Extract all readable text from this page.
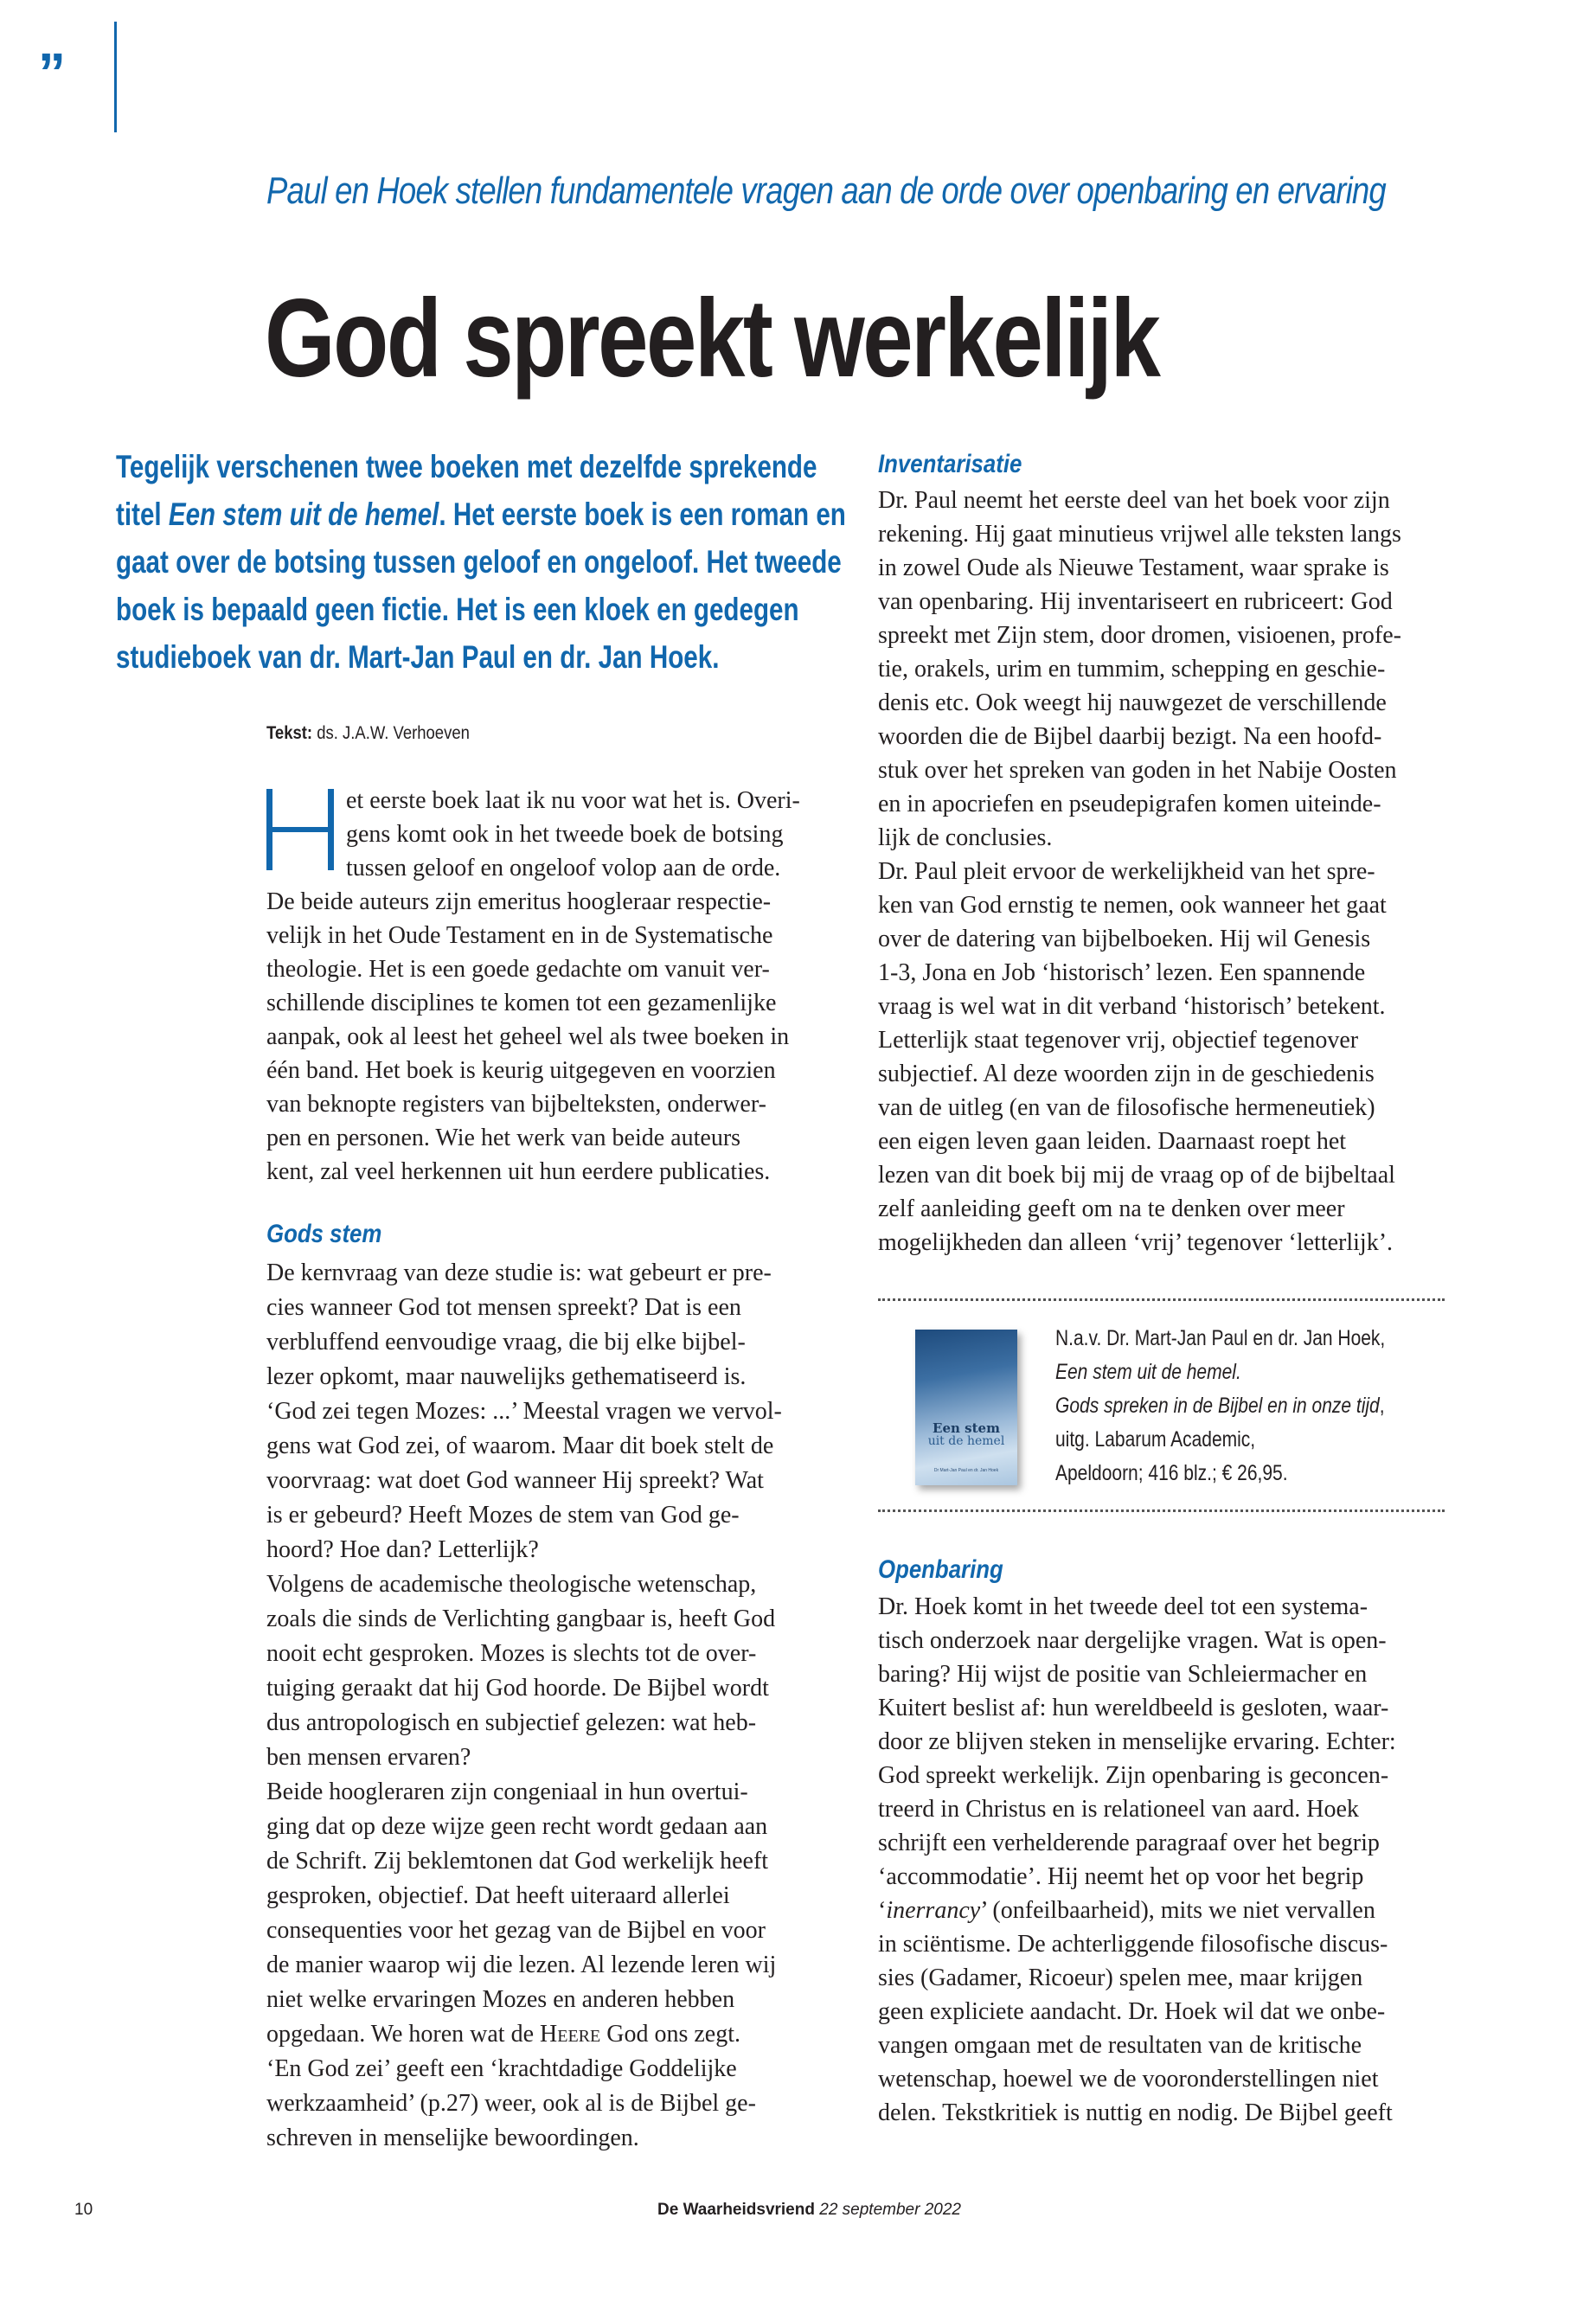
”
Paul en Hoek stellen fundamentele vragen aan de orde over openbaring en ervaring
God spreekt werkelijk
Tegelijk verschenen twee boeken met dezelfde sprekende
titel Een stem uit de hemel. Het eerste boek is een roman en
gaat over de botsing tussen geloof en ongeloof. Het tweede
boek is bepaald geen fictie. Het is een kloek en gedegen
studieboek van dr. Mart-Jan Paul en dr. Jan Hoek.
Tekst: ds. J.A.W. Verhoeven
et eerste boek laat ik nu voor wat het is. Overi-
gens komt ook in het tweede boek de botsing
tussen geloof en ongeloof volop aan de orde.
De beide auteurs zijn emeritus hoogleraar respectie-
velijk in het Oude Testament en in de Systematische
theologie. Het is een goede gedachte om vanuit ver-
schillende disciplines te komen tot een gezamenlijke
aanpak, ook al leest het geheel wel als twee boeken in
één band. Het boek is keurig uitgegeven en voorzien
van beknopte registers van bijbelteksten, onderwer-
pen en personen. Wie het werk van beide auteurs
kent, zal veel herkennen uit hun eerdere publicaties.
Gods stem
De kernvraag van deze studie is: wat gebeurt er pre-
cies wanneer God tot mensen spreekt? Dat is een
verbluffend eenvoudige vraag, die bij elke bijbel-
lezer opkomt, maar nauwelijks gethematiseerd is.
‘God zei tegen Mozes: ...’ Meestal vragen we vervol-
gens wat God zei, of waarom. Maar dit boek stelt de
voorvraag: wat doet God wanneer Hij spreekt? Wat
is er gebeurd? Heeft Mozes de stem van God ge-
hoord? Hoe dan? Letterlijk?
Volgens de academische theologische wetenschap,
zoals die sinds de Verlichting gangbaar is, heeft God
nooit echt gesproken. Mozes is slechts tot de over-
tuiging geraakt dat hij God hoorde. De Bijbel wordt
dus antropologisch en subjectief gelezen: wat heb-
ben mensen ervaren?
Beide hoogleraren zijn congeniaal in hun overtui-
ging dat op deze wijze geen recht wordt gedaan aan
de Schrift. Zij beklemtonen dat God werkelijk heeft
gesproken, objectief. Dat heeft uiteraard allerlei
consequenties voor het gezag van de Bijbel en voor
de manier waarop wij die lezen. Al lezende leren wij
niet welke ervaringen Mozes en anderen hebben
opgedaan. We horen wat de Heere God ons zegt.
‘En God zei’ geeft een ‘krachtdadige Goddelijke
werkzaamheid’ (p.27) weer, ook al is de Bijbel ge-
schreven in menselijke bewoordingen.
Inventarisatie
Dr. Paul neemt het eerste deel van het boek voor zijn
rekening. Hij gaat minutieus vrijwel alle teksten langs
in zowel Oude als Nieuwe Testament, waar sprake is
van openbaring. Hij inventariseert en rubriceert: God
spreekt met Zijn stem, door dromen, visioenen, profe-
tie, orakels, urim en tummim, schepping en geschie-
denis etc. Ook weegt hij nauwgezet de verschillende
woorden die de Bijbel daarbij bezigt. Na een hoofd-
stuk over het spreken van goden in het Nabije Oosten
en in apocriefen en pseudepigrafen komen uiteinde-
lijk de conclusies.
Dr. Paul pleit ervoor de werkelijkheid van het spre-
ken van God ernstig te nemen, ook wanneer het gaat
over de datering van bijbelboeken. Hij wil Genesis
1-3, Jona en Job ‘historisch’ lezen. Een spannende
vraag is wel wat in dit verband ‘historisch’ betekent.
Letterlijk staat tegenover vrij, objectief tegenover
subjectief. Al deze woorden zijn in de geschiedenis
van de uitleg (en van de filosofische hermeneutiek)
een eigen leven gaan leiden. Daarnaast roept het
lezen van dit boek bij mij de vraag op of de bijbeltaal
zelf aanleiding geeft om na te denken over meer
mogelijkheden dan alleen ‘vrij’ tegenover ‘letterlijk’.
Een stem
uit de hemel
Dr Mart-Jan Paul en dr. Jan Hoek
N.a.v. Dr. Mart-Jan Paul en dr. Jan Hoek,
Een stem uit de hemel.
Gods spreken in de Bijbel en in onze tijd,
uitg. Labarum Academic,
Apeldoorn; 416 blz.; € 26,95.
Openbaring
Dr. Hoek komt in het tweede deel tot een systema-
tisch onderzoek naar dergelijke vragen. Wat is open-
baring? Hij wijst de positie van Schleiermacher en
Kuitert beslist af: hun wereldbeeld is gesloten, waar-
door ze blijven steken in menselijke ervaring. Echter:
God spreekt werkelijk. Zijn openbaring is geconcen-
treerd in Christus en is relationeel van aard. Hoek
schrijft een verhelderende paragraaf over het begrip
‘accommodatie’. Hij neemt het op voor het begrip
‘inerrancy’ (onfeilbaarheid), mits we niet vervallen
in sciëntisme. De achterliggende filosofische discus-
sies (Gadamer, Ricoeur) spelen mee, maar krijgen
geen expliciete aandacht. Dr. Hoek wil dat we onbe-
vangen omgaan met de resultaten van de kritische
wetenschap, hoewel we de vooronderstellingen niet
delen. Tekstkritiek is nuttig en nodig. De Bijbel geeft
10	De Waarheidsvriend 22 september 2022
